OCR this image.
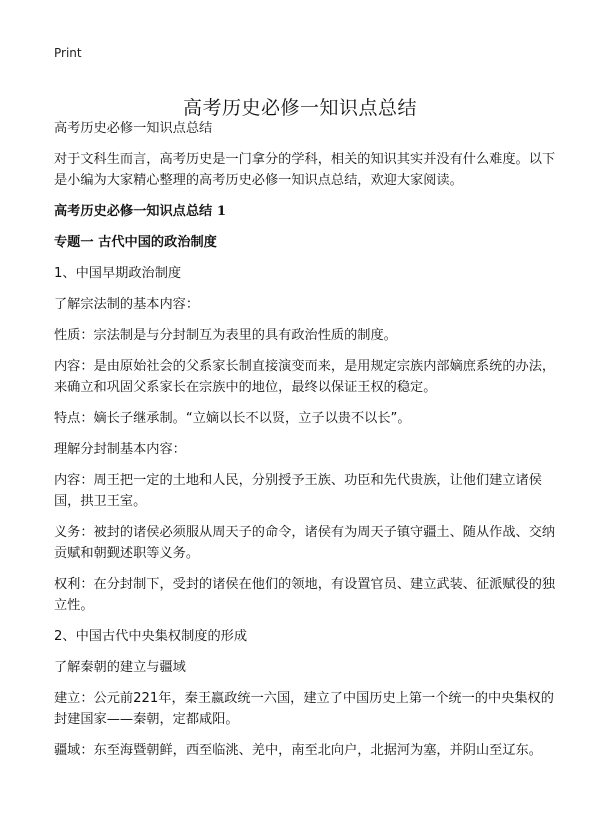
Print
高考历史必修一知识点总结

高考历史必修一知识点总结

对于文科生而言，高考历史是一门拿分的学科，相关的知识其实并没有什么难度。以下是小编为大家精心整理的高考历史必修一知识点总结，欢迎大家阅读。

高考历史必修一知识点总结 1

专题一 古代中国的政治制度

1、中国早期政治制度

了解宗法制的基本内容：

性质：宗法制是与分封制互为表里的具有政治性质的制度。

内容：是由原始社会的父系家长制直接演变而来，是用规定宗族内部嫡庶系统的办法，来确立和巩固父系家长在宗族中的地位，最终以保证王权的稳定。

特点：嫡长子继承制。“立嫡以长不以贤，立子以贵不以长”。

理解分封制基本内容：

内容：周王把一定的土地和人民，分别授予王族、功臣和先代贵族，让他们建立诸侯国，拱卫王室。

义务：被封的诸侯必须服从周天子的命令，诸侯有为周天子镇守疆土、随从作战、交纳贡赋和朝觐述职等义务。

权利：在分封制下，受封的诸侯在他们的领地，有设置官员、建立武装、征派赋役的独立性。

2、中国古代中央集权制度的形成

了解秦朝的建立与疆域

建立：公元前221年，秦王嬴政统一六国，建立了中国历史上第一个统一的中央集权的封建国家——秦朝，定都咸阳。

疆域：东至海暨朝鲜，西至临洮、羌中，南至北向户，北据河为塞，并阴山至辽东。
